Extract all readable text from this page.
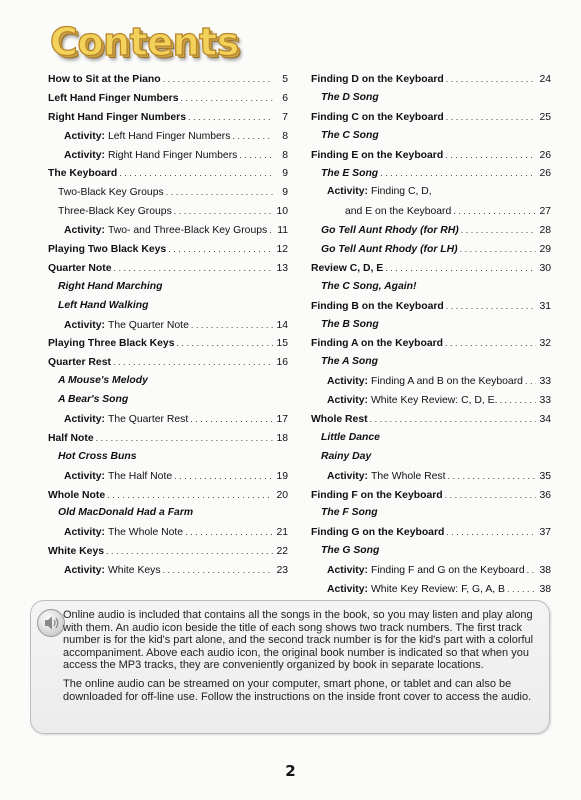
Contents
How to Sit at the Piano . . .	5
Left Hand Finger Numbers . . .	6
Right Hand Finger Numbers . . .	7
Activity: Left Hand Finger Numbers . . .	8
Activity: Right Hand Finger Numbers . . .	8
The Keyboard . . .	9
Two-Black Key Groups . . .	9
Three-Black Key Groups . . .	10
Activity: Two- and Three-Black Key Groups . . . 11
Playing Two Black Keys . . .	12
Quarter Note . . .	13
Right Hand Marching
Left Hand Walking
Activity: The Quarter Note . . .	14
Playing Three Black Keys . . .	15
Quarter Rest . . .	16
A Mouse's Melody
A Bear's Song
Activity: The Quarter Rest . . .	17
Half Note . . .	18
Hot Cross Buns
Activity: The Half Note . . .	19
Whole Note . . .	20
Old MacDonald Had a Farm
Activity: The Whole Note . . .	21
White Keys . . .	22
Activity: White Keys . . .	23
Finding D on the Keyboard . . .	24
The D Song
Finding C on the Keyboard . . .	25
The C Song
Finding E on the Keyboard . . .	26
The E Song . . .	26
Activity: Finding C, D,
and E on the Keyboard . . .	27
Go Tell Aunt Rhody (for RH) . . .	28
Go Tell Aunt Rhody (for LH) . . .	29
Review C, D, E . . .	30
The C Song, Again!
Finding B on the Keyboard . . .	31
The B Song
Finding A on the Keyboard . . .	32
The A Song
Activity: Finding A and B on the Keyboard . . . 33
Activity: White Key Review: C, D, E. . . .	33
Whole Rest . . .	34
Little Dance
Rainy Day
Activity: The Whole Rest . . .	35
Finding F on the Keyboard . . .	36
The F Song
Finding G on the Keyboard . . .	37
The G Song
Activity: Finding F and G on the Keyboard . . . 38
Activity: White Key Review: F, G, A, B . . .	38

Online audio is included that contains all the songs in the book, so you may listen and play along with them. An audio icon beside the title of each song shows two track numbers. The first track number is for the kid's part alone, and the second track number is for the kid's part with a colorful accompaniment. Above each audio icon, the original book number is indicated so that when you access the MP3 tracks, they are conveniently organized by book in separate locations.

The online audio can be streamed on your computer, smart phone, or tablet and can also be downloaded for off-line use. Follow the instructions on the inside front cover to access the audio.

2
